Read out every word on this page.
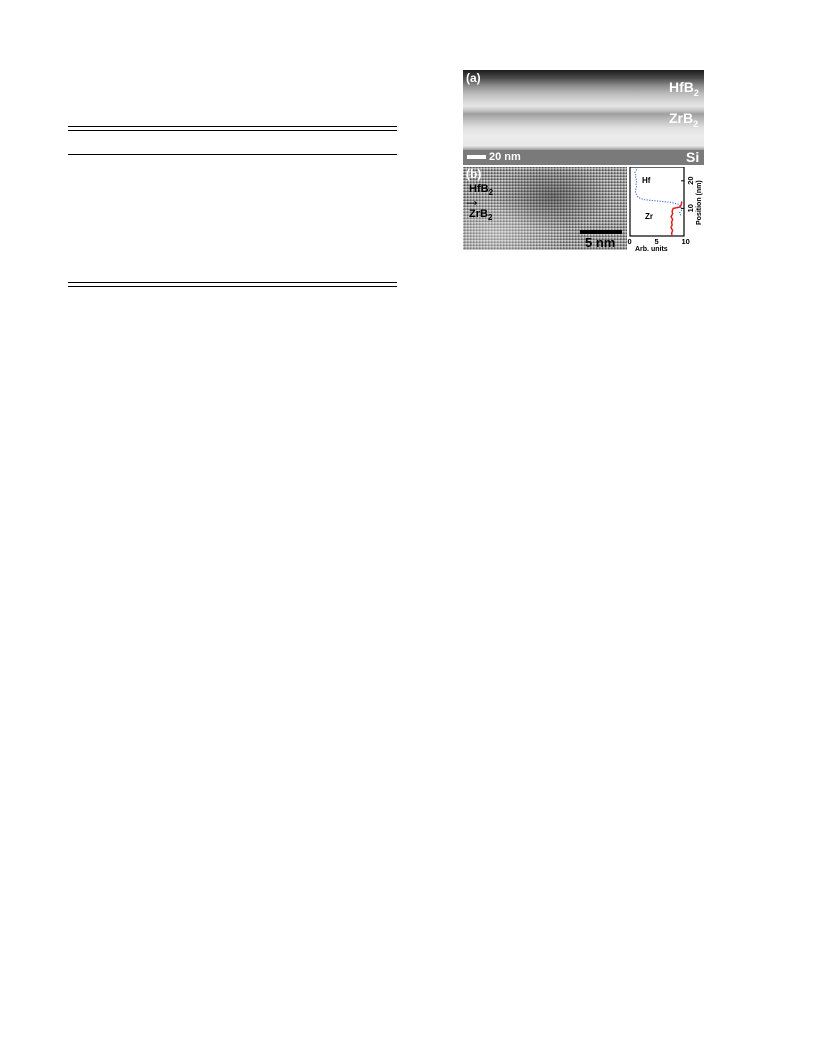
(a)
HfB$_2$
ZrB$_2$
Si
20 nm
(b)
HfB$_2$
→
ZrB$_2$
5 nm 0	5	10
10
20
Hf
Zr
Arb. units
Position (nm)
